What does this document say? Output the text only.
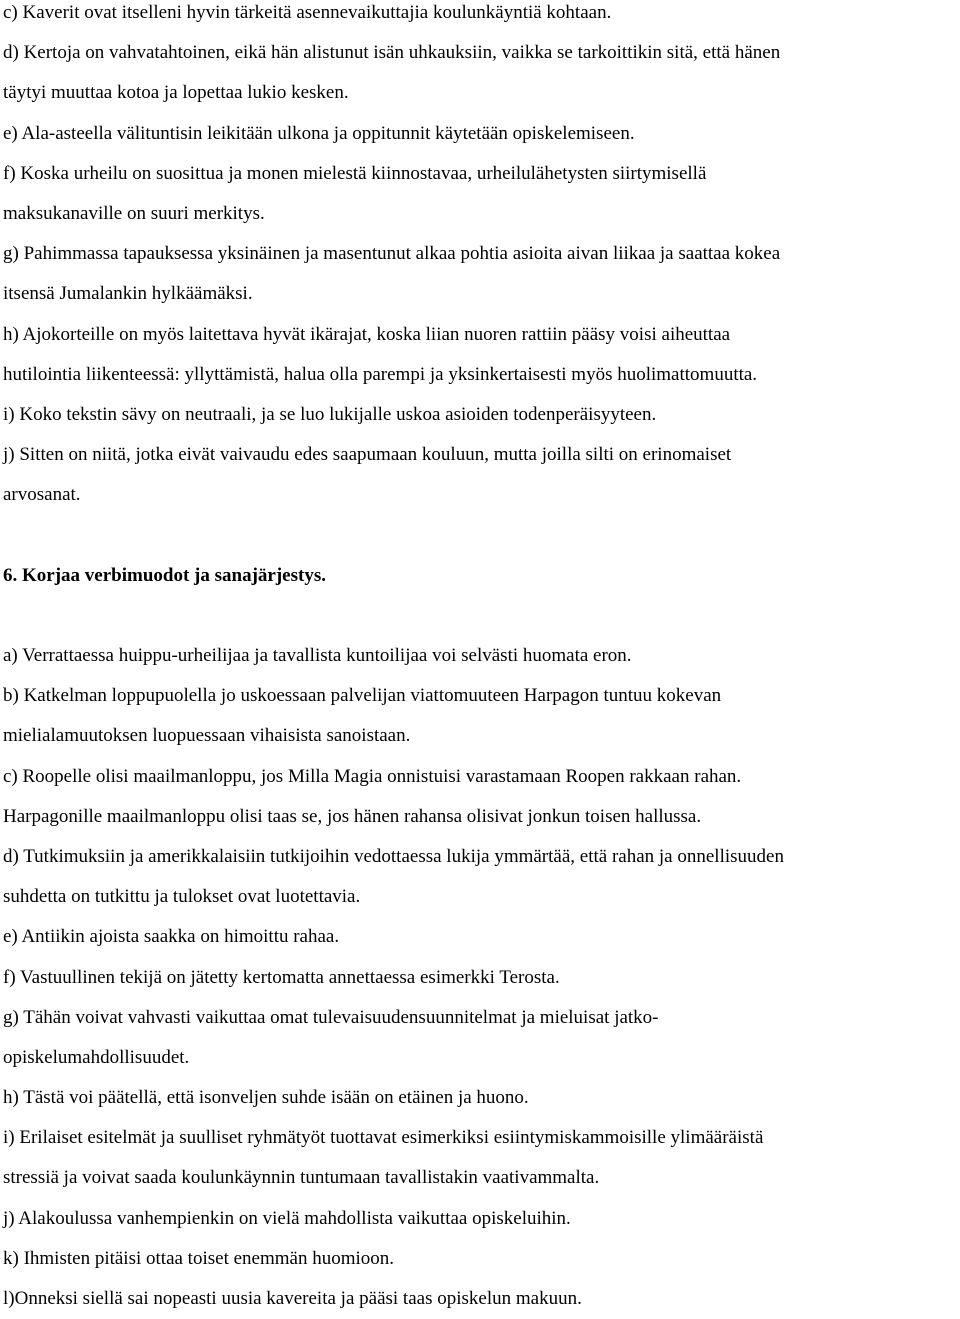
c) Kaverit ovat itselleni hyvin tärkeitä asennevaikuttajia koulunkäyntiä kohtaan.
d) Kertoja on vahvatahtoinen, eikä hän alistunut isän uhkauksiin, vaikka se tarkoittikin sitä, että hänen
täytyi muuttaa kotoa ja lopettaa lukio kesken.
e) Ala-asteella välituntisin leikitään ulkona ja oppitunnit käytetään opiskelemiseen.
f) Koska urheilu on suosittua ja monen mielestä kiinnostavaa, urheilulähetysten siirtymisellä
maksukanaville on suuri merkitys.
g) Pahimmassa tapauksessa yksinäinen ja masentunut alkaa pohtia asioita aivan liikaa ja saattaa kokea
itsensä Jumalankin hylkäämäksi.
h) Ajokorteille on myös laitettava hyvät ikärajat, koska liian nuoren rattiin pääsy voisi aiheuttaa
hutilointia liikenteessä: yllyttämistä, halua olla parempi ja yksinkertaisesti myös huolimattomuutta.
i) Koko tekstin sävy on neutraali, ja se luo lukijalle uskoa asioiden todenperäisyyteen.
j) Sitten on niitä, jotka eivät vaivaudu edes saapumaan kouluun, mutta joilla silti on erinomaiset
arvosanat.
6. Korjaa verbimuodot ja sanajärjestys.
a) Verrattaessa huippu-urheilijaa ja tavallista kuntoilijaa voi selvästi huomata eron.
b) Katkelman loppupuolella jo uskoessaan palvelijan viattomuuteen Harpagon tuntuu kokevan
mielialamuutoksen luopuessaan vihaisista sanoistaan.
c) Roopelle olisi maailmanloppu, jos Milla Magia onnistuisi varastamaan Roopen rakkaan rahan.
Harpagonille maailmanloppu olisi taas se, jos hänen rahansa olisivat jonkun toisen hallussa.
d) Tutkimuksiin ja amerikkalaisiin tutkijoihin vedottaessa lukija ymmärtää, että rahan ja onnellisuuden
suhdetta on tutkittu ja tulokset ovat luotettavia.
e) Antiikin ajoista saakka on himoittu rahaa.
f) Vastuullinen tekijä on jätetty kertomatta annettaessa esimerkki Terosta.
g) Tähän voivat vahvasti vaikuttaa omat tulevaisuudensuunnitelmat ja mieluisat jatko-
opiskelumahdollisuudet.
h) Tästä voi päätellä, että isonveljen suhde isään on etäinen ja huono.
i) Erilaiset esitelmät ja suulliset ryhmätyöt tuottavat esimerkiksi esiintymiskammoisille ylimääräistä
stressiä ja voivat saada koulunkäynnin tuntumaan tavallistakin vaativammalta.
j) Alakoulussa vanhempienkin on vielä mahdollista vaikuttaa opiskeluihin.
k) Ihmisten pitäisi ottaa toiset enemmän huomioon.
l)Onneksi siellä sai nopeasti uusia kavereita ja pääsi taas opiskelun makuun.
